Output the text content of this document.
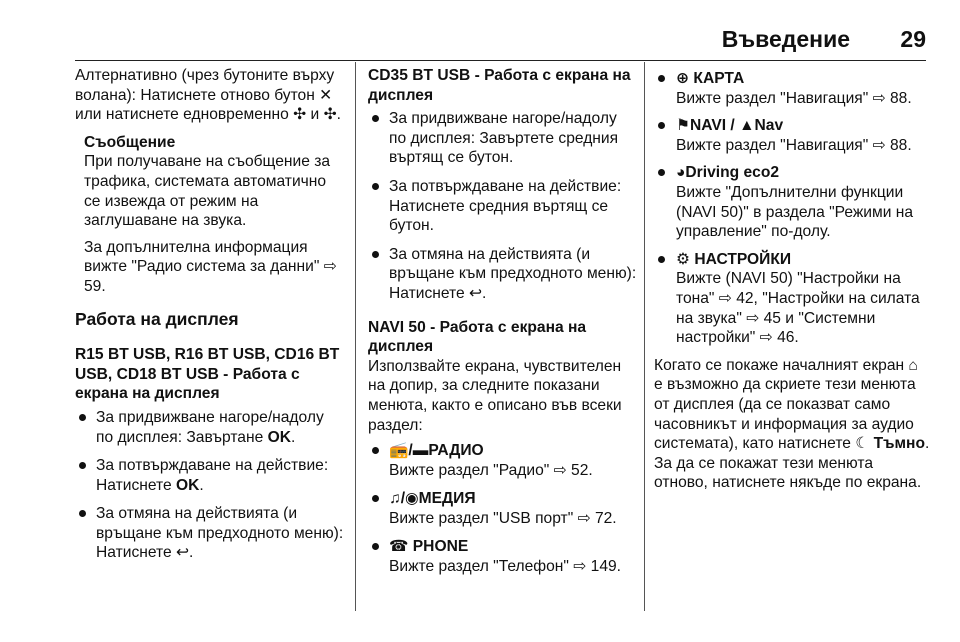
Въведение 29

Алтернативно (чрез бутоните върху волана): Натиснете отново бутон ✕ или натиснете едновременно ✣ и ✣.

Съобщение

При получаване на съобщение за трафика, системата автоматично се извежда от режим на заглушаване на звука.

За допълнителна информация вижте "Радио система за данни" ⇨ 59.

Работа на дисплея

R15 BT USB, R16 BT USB, CD16 BT USB, CD18 BT USB - Работа с екрана на дисплея

За придвижване нагоре/надолу по дисплея: Завъртане OK.
За потвърждаване на действие: Натиснете OK.
За отмяна на действията (и връщане към предходното меню): Натиснете ↩.

CD35 BT USB - Работа с екрана на дисплея

За придвижване нагоре/надолу по дисплея: Завъртете средния въртящ се бутон.
За потвърждаване на действие: Натиснете средния въртящ се бутон.
За отмяна на действията (и връщане към предходното меню): Натиснете ↩.

NAVI 50 - Работа с екрана на дисплея

Използвайте екрана, чувствителен на допир, за следните показани менюта, както е описано във всеки раздел:

📻/▬РАДИО
Вижте раздел "Радио" ⇨ 52.
♫/◉МЕДИЯ
Вижте раздел "USB порт" ⇨ 72.
☎ PHONE
Вижте раздел "Телефон" ⇨ 149.
⊕ КАРТА
Вижте раздел "Навигация" ⇨ 88.
⚑NAVI / ▲Nav
Вижте раздел "Навигация" ⇨ 88.
◕Driving eco2
Вижте "Допълнителни функции (NAVI 50)" в раздела "Режими на управление" по-долу.
⚙ НАСТРОЙКИ
Вижте (NAVI 50) "Настройки на тона" ⇨ 42, "Настройки на силата на звука" ⇨ 45 и "Системни настройки" ⇨ 46.

Когато се покаже началният екран ⌂ е възможно да скриете тези менюта от дисплея (да се показват само часовникът и информация за аудио системата), като натиснете ☾ Тъмно. За да се покажат тези менюта отново, натиснете някъде по екрана.
